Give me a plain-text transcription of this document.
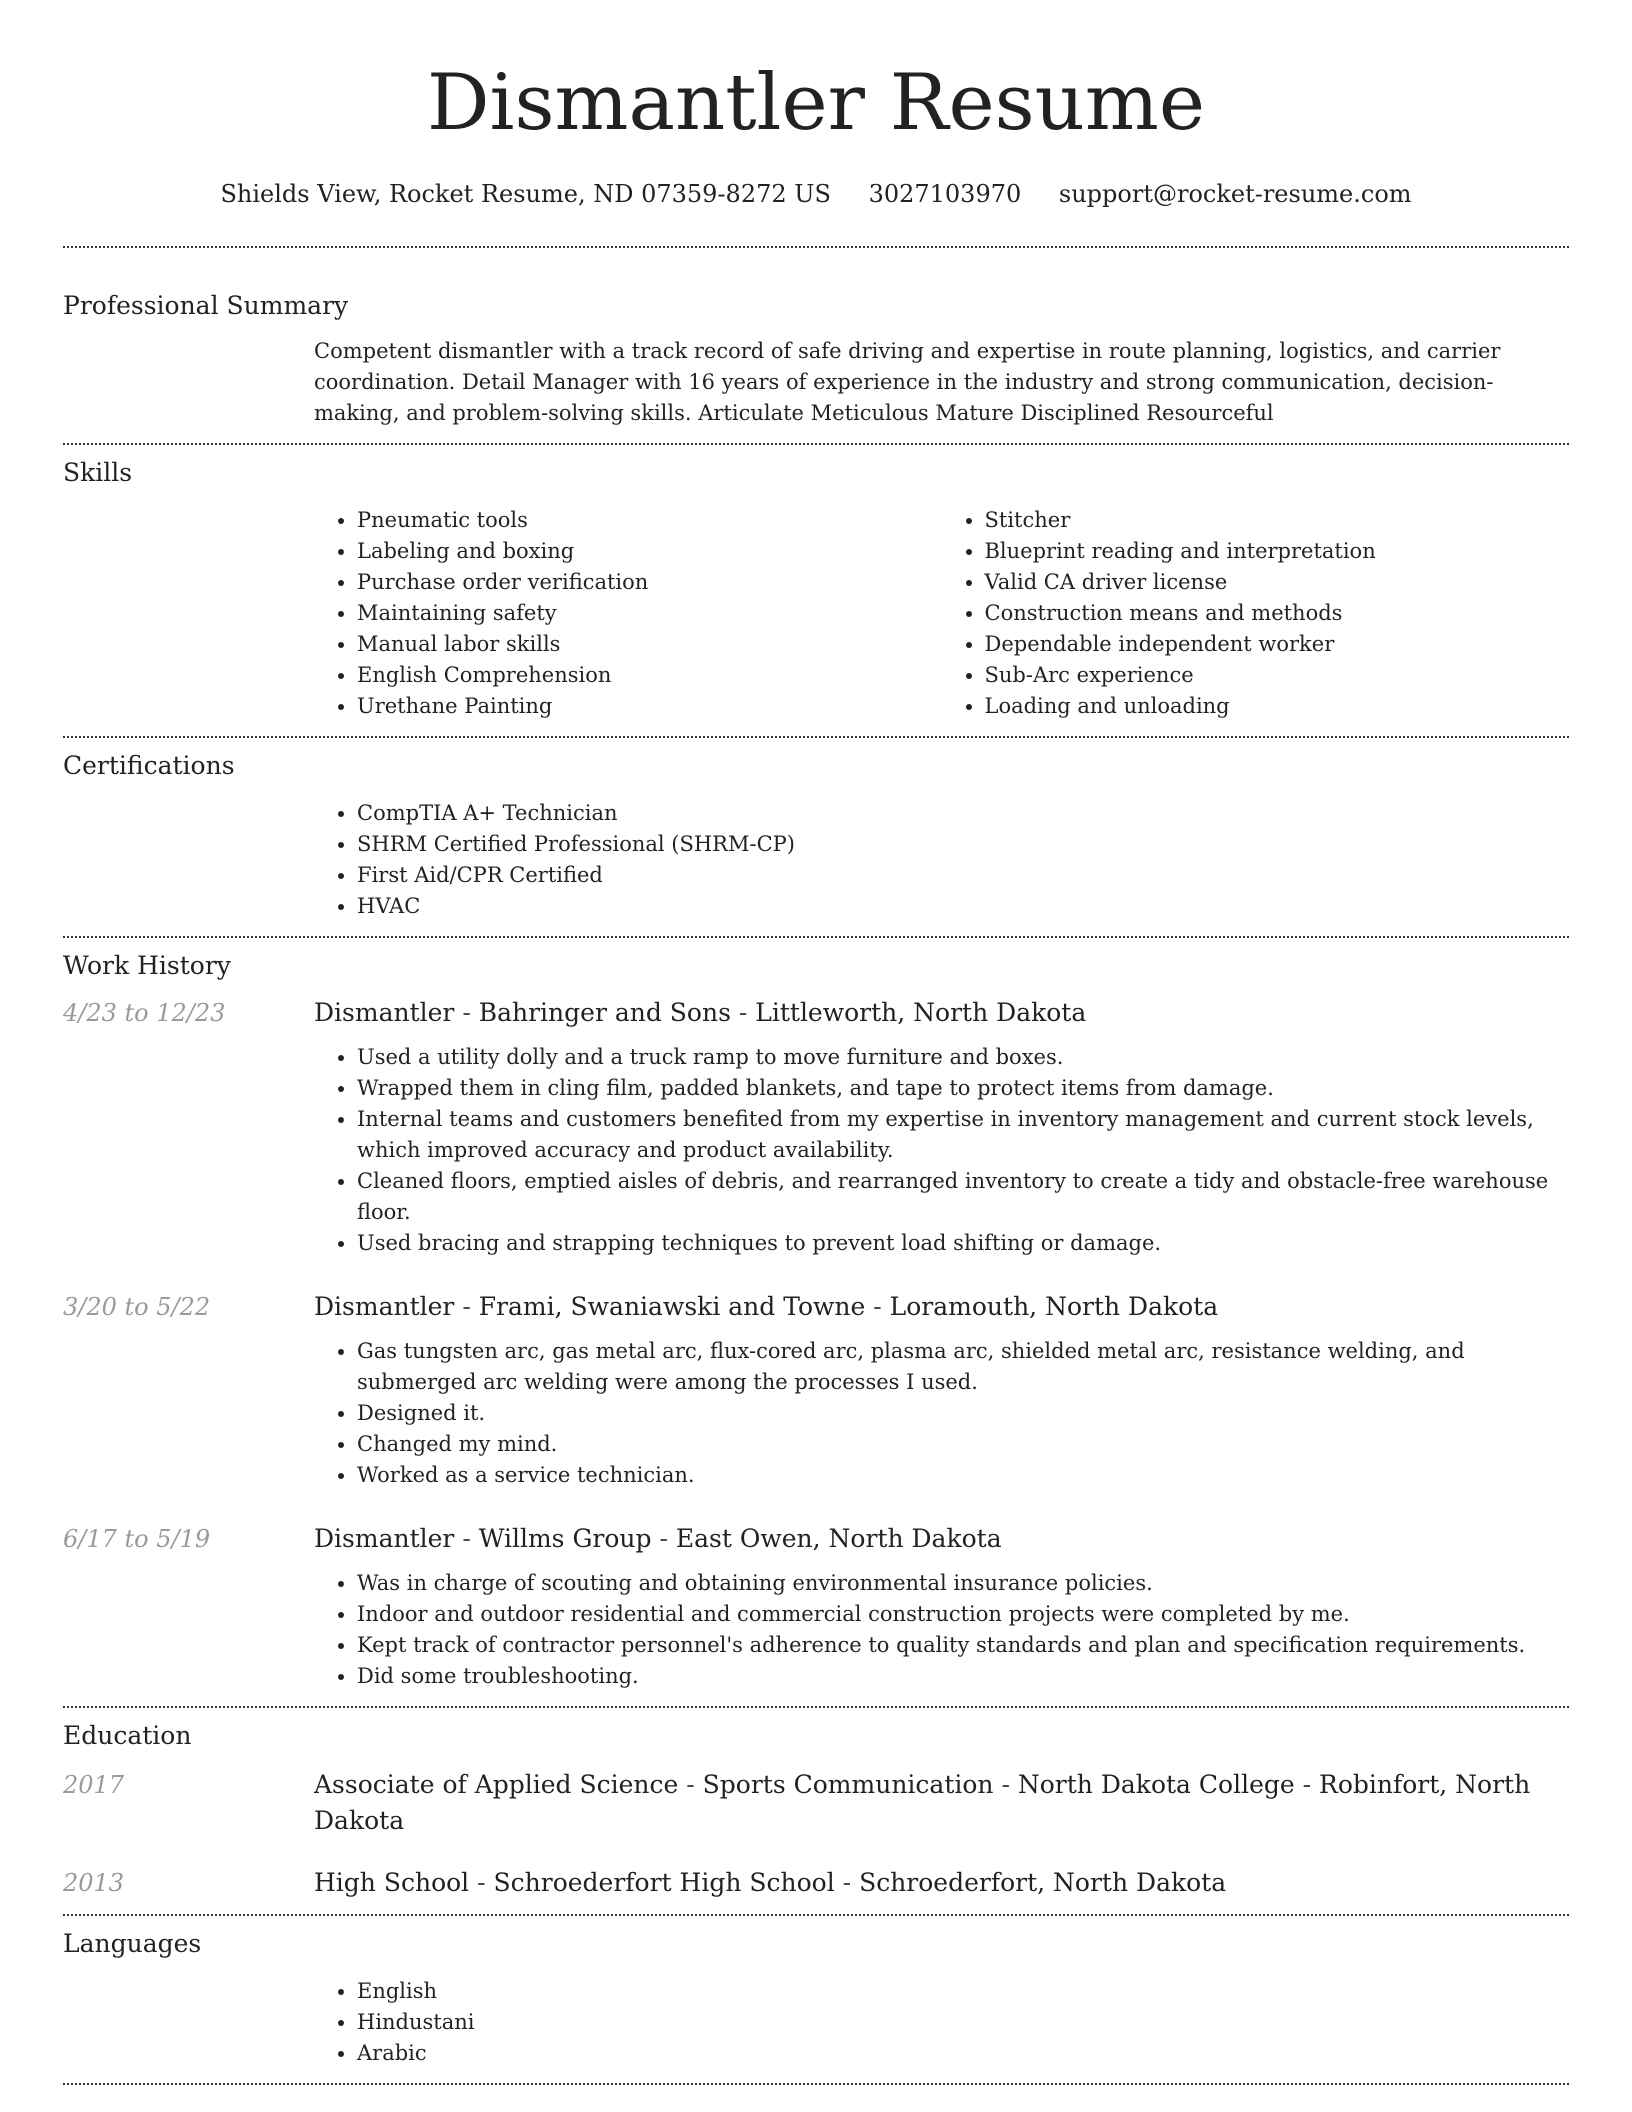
Dismantler Resume
Shields View, Rocket Resume, ND 07359-8272 US 3027103970 support@rocket-resume.com
Professional Summary

Competent dismantler with a track record of safe driving and expertise in route planning, logistics, and carrier coordination. Detail Manager with 16 years of experience in the industry and strong communication, decision-making, and problem-solving skills. Articulate Meticulous Mature Disciplined Resourceful

Skills
• Pneumatic tools
• Labeling and boxing
• Purchase order verification
• Maintaining safety
• Manual labor skills
• English Comprehension
• Urethane Painting
• Stitcher
• Blueprint reading and interpretation
• Valid CA driver license
• Construction means and methods
• Dependable independent worker
• Sub-Arc experience
• Loading and unloading
Certifications
• CompTIA A+ Technician
• SHRM Certified Professional (SHRM-CP)
• First Aid/CPR Certified
• HVAC
Work History
4/23 to 12/23	Dismantler - Bahringer and Sons - Littleworth, North Dakota
• Used a utility dolly and a truck ramp to move furniture and boxes.
• Wrapped them in cling film, padded blankets, and tape to protect items from damage.
• Internal teams and customers benefited from my expertise in inventory management and current stock levels, which improved accuracy and product availability.
• Cleaned floors, emptied aisles of debris, and rearranged inventory to create a tidy and obstacle-free warehouse floor.
• Used bracing and strapping techniques to prevent load shifting or damage.
3/20 to 5/22	Dismantler - Frami, Swaniawski and Towne - Loramouth, North Dakota
• Gas tungsten arc, gas metal arc, flux-cored arc, plasma arc, shielded metal arc, resistance welding, and submerged arc welding were among the processes I used.
• Designed it.
• Changed my mind.
• Worked as a service technician.
6/17 to 5/19	Dismantler - Willms Group - East Owen, North Dakota
• Was in charge of scouting and obtaining environmental insurance policies.
• Indoor and outdoor residential and commercial construction projects were completed by me.
• Kept track of contractor personnel's adherence to quality standards and plan and specification requirements.
• Did some troubleshooting.
Education
2017	Associate of Applied Science - Sports Communication - North Dakota College - Robinfort, North Dakota
2013	High School - Schroederfort High School - Schroederfort, North Dakota
Languages
• English
• Hindustani
• Arabic
